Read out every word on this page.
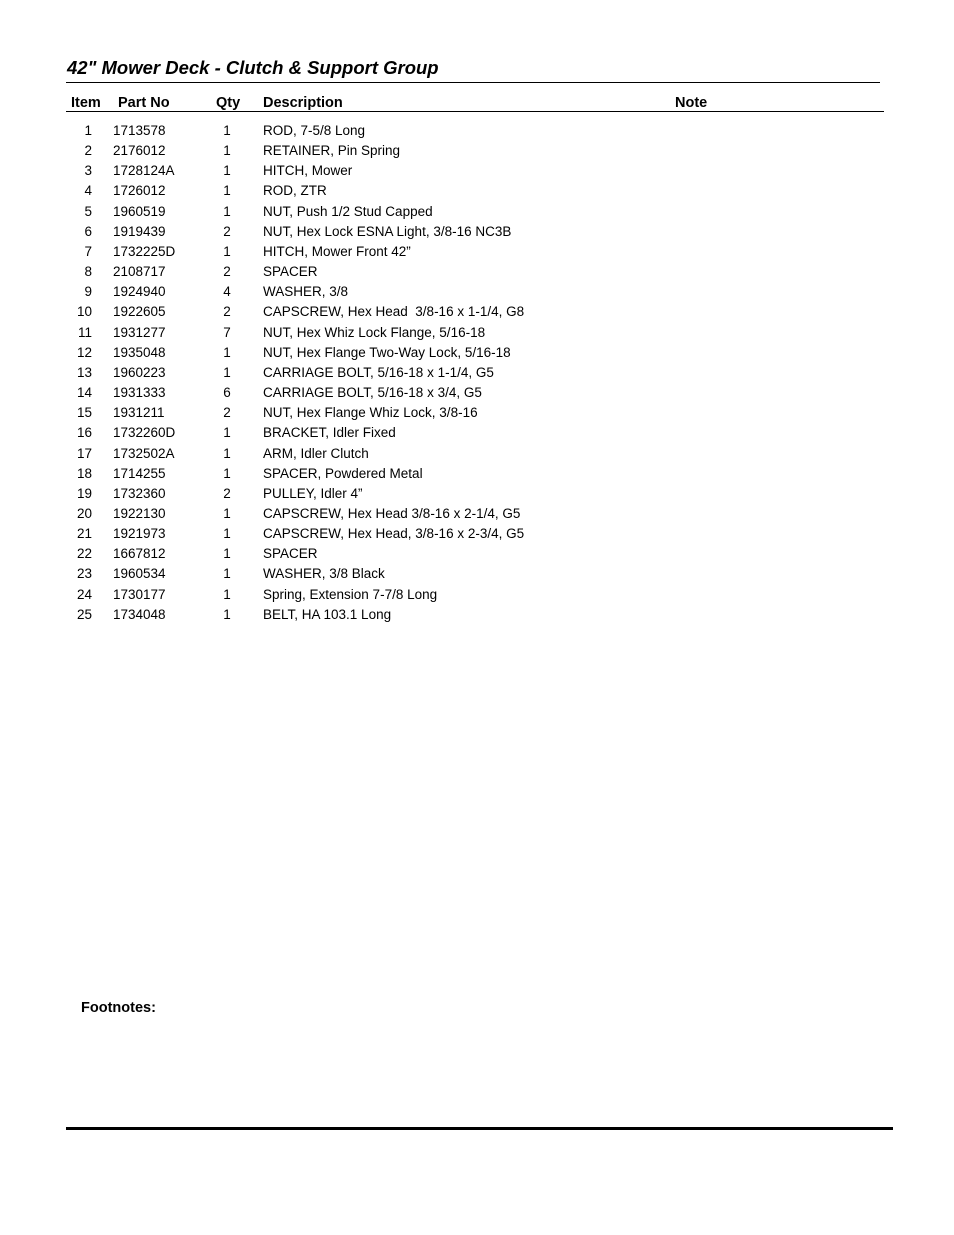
42" Mower Deck - Clutch & Support Group
Item Part No	Qty Description	Note
1 1713578	1 ROD, 7-5/8 Long
2 2176012	1 RETAINER, Pin Spring
3 1728124A	1 HITCH, Mower
4 1726012	1 ROD, ZTR
5 1960519	1 NUT, Push 1/2 Stud Capped
6 1919439	2 NUT, Hex Lock ESNA Light, 3/8-16 NC3B
7 1732225D	1 HITCH, Mower Front 42”
8 2108717	2 SPACER
9 1924940	4 WASHER, 3/8
10 1922605	2 CAPSCREW, Hex Head  3/8-16 x 1-1/4, G8
11 1931277	7 NUT, Hex Whiz Lock Flange, 5/16-18
12 1935048	1 NUT, Hex Flange Two-Way Lock, 5/16-18
13 1960223	1 CARRIAGE BOLT, 5/16-18 x 1-1/4, G5
14 1931333	6 CARRIAGE BOLT, 5/16-18 x 3/4, G5
15 1931211	2 NUT, Hex Flange Whiz Lock, 3/8-16
16 1732260D	1 BRACKET, Idler Fixed
17 1732502A	1 ARM, Idler Clutch
18 1714255	1 SPACER, Powdered Metal
19 1732360	2 PULLEY, Idler 4”
20 1922130	1 CAPSCREW, Hex Head 3/8-16 x 2-1/4, G5
21 1921973	1 CAPSCREW, Hex Head, 3/8-16 x 2-3/4, G5
22 1667812	1 SPACER
23 1960534	1 WASHER, 3/8 Black
24 1730177	1 Spring, Extension 7-7/8 Long
25 1734048	1 BELT, HA 103.1 Long
Footnotes:
